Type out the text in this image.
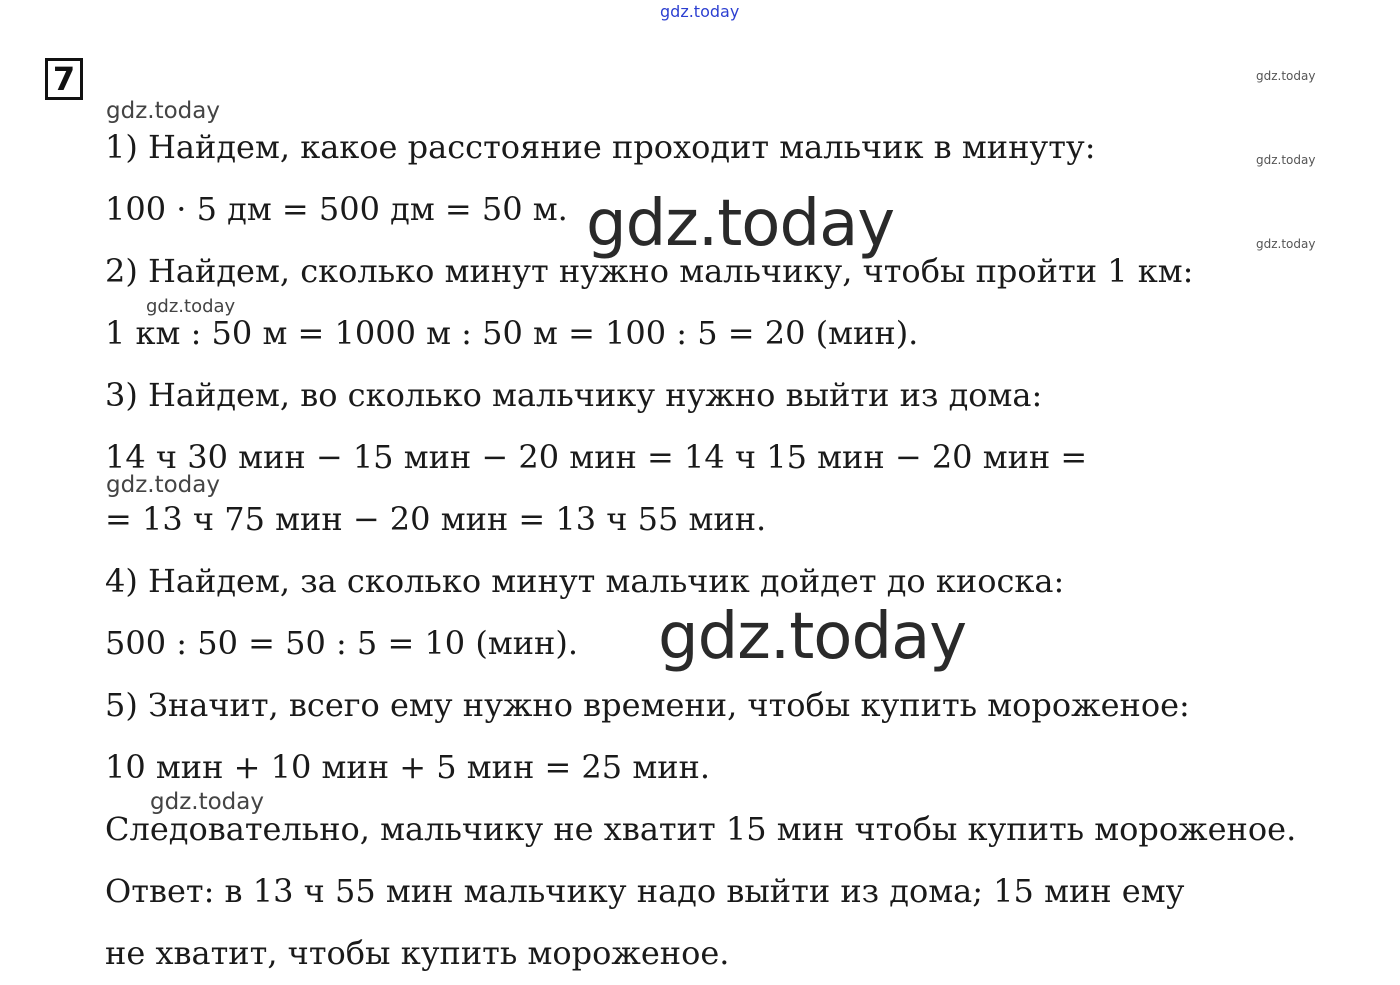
gdz.today
gdz.today
gdz.today
gdz.today
gdz.today
gdz.today
gdz.today
gdz.today
gdz.today
gdz.today
7
1) Найдем, какое расстояние проходит мальчик в минуту:
100 · 5 дм = 500 дм = 50 м.
2) Найдем, сколько минут нужно мальчику, чтобы пройти 1 км:
1 км : 50 м = 1000 м : 50 м = 100 : 5 = 20 (мин).
3) Найдем, во сколько мальчику нужно выйти из дома:
14 ч 30 мин − 15 мин − 20 мин = 14 ч 15 мин − 20 мин =
= 13 ч 75 мин − 20 мин = 13 ч 55 мин.
4) Найдем, за сколько минут мальчик дойдет до киоска:
500 : 50 = 50 : 5 = 10 (мин).
5) Значит, всего ему нужно времени, чтобы купить мороженое:
10 мин + 10 мин + 5 мин = 25 мин.
Следовательно, мальчику не хватит 15 мин чтобы купить мороженое.
Ответ: в 13 ч 55 мин мальчику надо выйти из дома; 15 мин ему
не хватит, чтобы купить мороженое.
